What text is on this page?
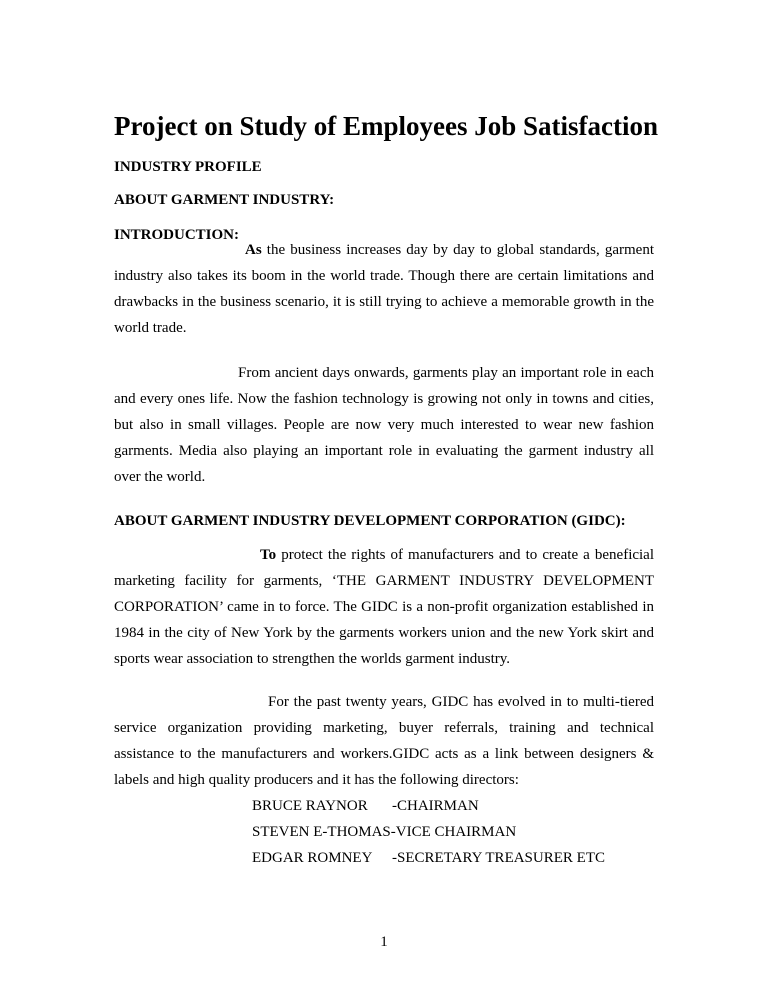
Project on Study of Employees Job Satisfaction

INDUSTRY PROFILE

ABOUT GARMENT INDUSTRY:

INTRODUCTION:

As the business increases day by day to global standards, garment industry also takes its boom in the world trade. Though there are certain limitations and drawbacks in the business scenario, it is still trying to achieve a memorable growth in the world trade.

From ancient days onwards, garments play an important role in each and every ones life. Now the fashion technology is growing not only in towns and cities, but also in small villages. People are now very much interested to wear new fashion garments. Media also playing an important role in evaluating the garment industry all over the world.

ABOUT GARMENT INDUSTRY DEVELOPMENT CORPORATION (GIDC):

To protect the rights of manufacturers and to create a beneficial marketing facility for garments, ‘THE GARMENT INDUSTRY DEVELOPMENT CORPORATION’ came in to force. The GIDC is a non-profit organization established in 1984 in the city of New York by the garments workers union and the new York skirt and sports wear association to strengthen the worlds garment industry.

For the past twenty years, GIDC has evolved in to multi-tiered service organization providing marketing, buyer referrals, training and technical assistance to the manufacturers and workers.GIDC acts as a link between designers & labels and high quality producers and it has the following directors:

BRUCE RAYNOR -CHAIRMAN

STEVEN E-THOMAS-VICE CHAIRMAN

EDGAR ROMNEY -SECRETARY TREASURER ETC

1
